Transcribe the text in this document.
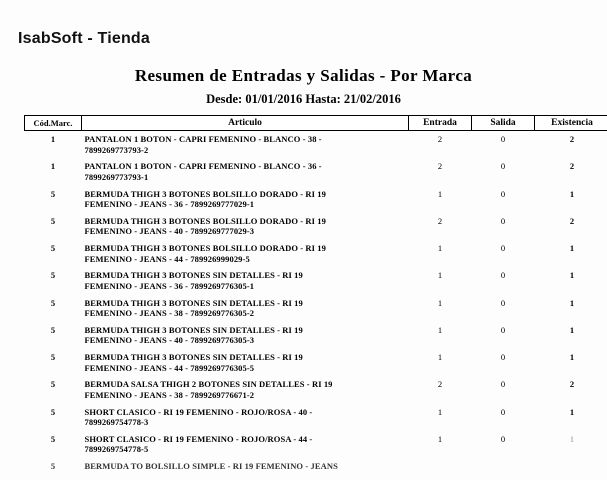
IsabSoft - Tienda
Resumen de Entradas y Salidas - Por Marca
Desde: 01/01/2016 Hasta: 21/02/2016
Cód.Marc.	Articulo	Entrada	Salida	Existencia
1	PANTALON 1 BOTON - CAPRI FEMENINO - BLANCO - 38 -
7899269773793-2	2	0	2
1	PANTALON 1 BOTON - CAPRI FEMENINO - BLANCO - 36 -
7899269773793-1	2	0	2
5	BERMUDA THIGH 3 BOTONES BOLSILLO DORADO - RI 19
FEMENINO - JEANS - 36 - 7899269777029-1	1	0	1
5	BERMUDA THIGH 3 BOTONES BOLSILLO DORADO - RI 19
FEMENINO - JEANS - 40 - 7899269777029-3	2	0	2
5	BERMUDA THIGH 3 BOTONES BOLSILLO DORADO - RI 19
FEMENINO - JEANS - 44 - 789926999029-5	1	0	1
5	BERMUDA THIGH 3 BOTONES SIN DETALLES - RI 19
FEMENINO - JEANS - 36 - 7899269776305-1	1	0	1
5	BERMUDA THIGH 3 BOTONES SIN DETALLES - RI 19
FEMENINO - JEANS - 38 - 7899269776305-2	1	0	1
5	BERMUDA THIGH 3 BOTONES SIN DETALLES - RI 19
FEMENINO - JEANS - 40 - 7899269776305-3	1	0	1
5	BERMUDA THIGH 3 BOTONES SIN DETALLES - RI 19
FEMENINO - JEANS - 44 - 7899269776305-5	1	0	1
5	BERMUDA SALSA THIGH 2 BOTONES SIN DETALLES - RI 19
FEMENINO - JEANS - 38 - 7899269776671-2	2	0	2
5	SHORT CLASICO - RI 19 FEMENINO - ROJO/ROSA - 40 -
7899269754778-3	1	0	1
5	SHORT CLASICO - RI 19 FEMENINO - ROJO/ROSA - 44 -
7899269754778-5	1	0	1
5	BERMUDA TO BOLSILLO SIMPLE - RI 19 FEMENINO - JEANS			
